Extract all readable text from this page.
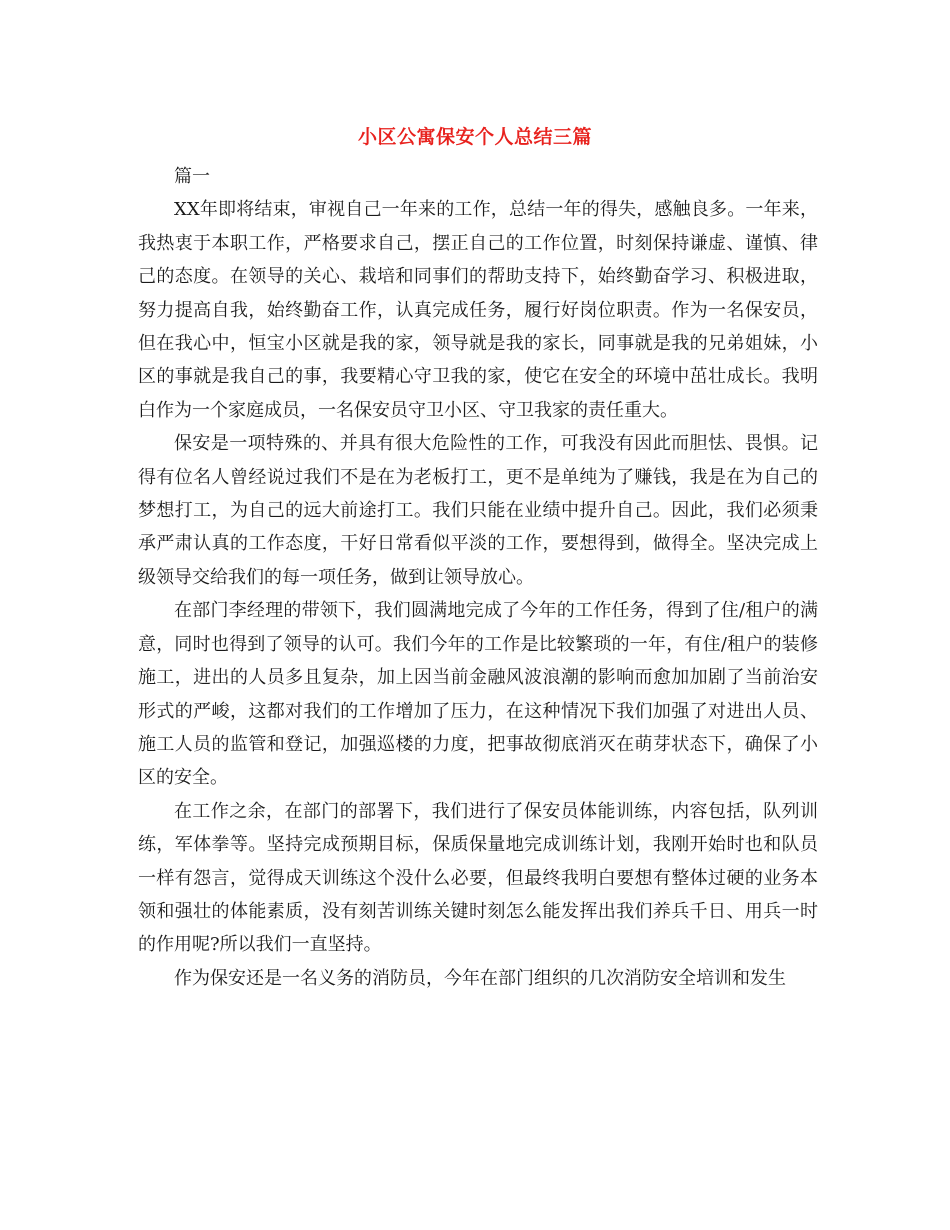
小区公寓保安个人总结三篇
篇一

XX年即将结束，审视自己一年来的工作，总结一年的得失，感触良多。一年来，我热衷于本职工作，严格要求自己，摆正自己的工作位置，时刻保持谦虚、谨慎、律己的态度。在领导的关心、栽培和同事们的帮助支持下，始终勤奋学习、积极进取，努力提高自我，始终勤奋工作，认真完成任务，履行好岗位职责。作为一名保安员，但在我心中，恒宝小区就是我的家，领导就是我的家长，同事就是我的兄弟姐妹，小区的事就是我自己的事，我要精心守卫我的家，使它在安全的环境中茁壮成长。我明白作为一个家庭成员，一名保安员守卫小区、守卫我家的责任重大。

保安是一项特殊的、并具有很大危险性的工作，可我没有因此而胆怯、畏惧。记得有位名人曾经说过我们不是在为老板打工，更不是单纯为了赚钱，我是在为自己的梦想打工，为自己的远大前途打工。我们只能在业绩中提升自己。因此，我们必须秉承严肃认真的工作态度，干好日常看似平淡的工作，要想得到，做得全。坚决完成上级领导交给我们的每一项任务，做到让领导放心。

在部门李经理的带领下，我们圆满地完成了今年的工作任务，得到了住/租户的满意，同时也得到了领导的认可。我们今年的工作是比较繁琐的一年，有住/租户的装修施工，进出的人员多且复杂，加上因当前金融风波浪潮的影响而愈加加剧了当前治安形式的严峻，这都对我们的工作增加了压力，在这种情况下我们加强了对进出人员、施工人员的监管和登记，加强巡楼的力度，把事故彻底消灭在萌芽状态下，确保了小区的安全。

在工作之余，在部门的部署下，我们进行了保安员体能训练，内容包括，队列训练，军体拳等。坚持完成预期目标，保质保量地完成训练计划，我刚开始时也和队员一样有怨言，觉得成天训练这个没什么必要，但最终我明白要想有整体过硬的业务本领和强壮的体能素质，没有刻苦训练关键时刻怎么能发挥出我们养兵千日、用兵一时的作用呢?所以我们一直坚持。

作为保安还是一名义务的消防员，今年在部门组织的几次消防安全培训和发生
